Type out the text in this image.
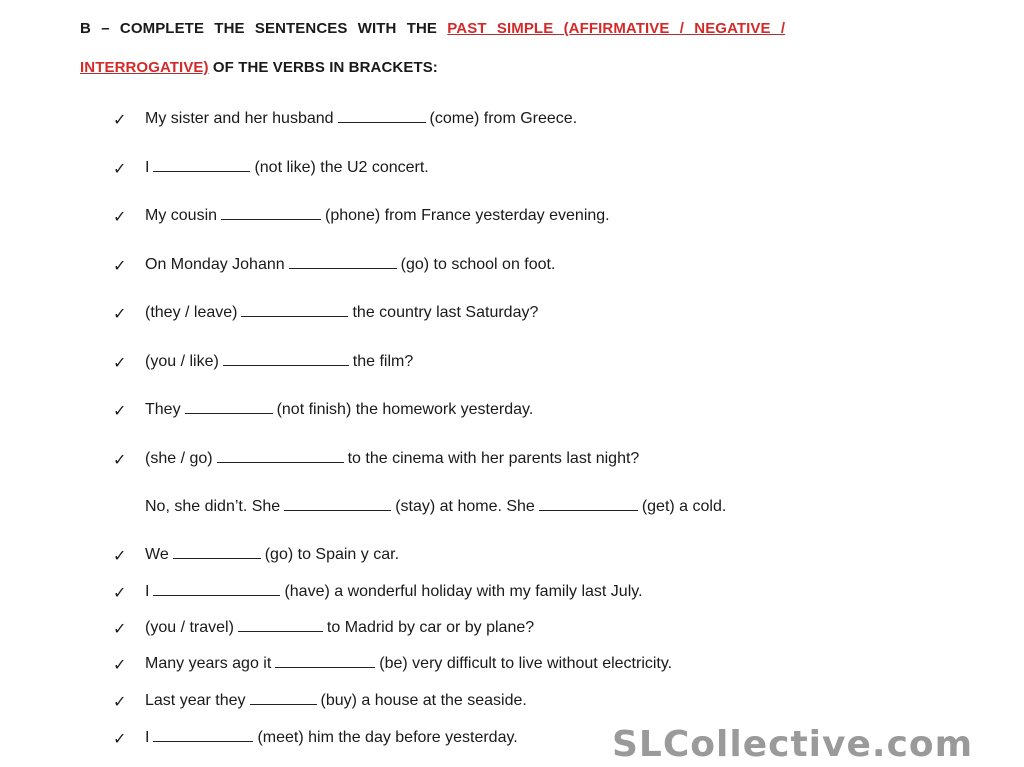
B – COMPLETE THE SENTENCES WITH THE PAST SIMPLE (AFFIRMATIVE / NEGATIVE /
INTERROGATIVE) OF THE VERBS IN BRACKETS:
✓ My sister and her husband	(come) from Greece.
✓ I	(not like) the U2 concert.
✓ My cousin	(phone) from France yesterday evening.
✓ On Monday Johann	(go) to school on foot.
✓ (they / leave)	the country last Saturday?
✓ (you / like)	the film?
✓ They	(not finish) the homework yesterday.
✓ (she / go)	to the cinema with her parents last night?
No, she didn’t. She	(stay) at home. She	(get) a cold.
✓ We	(go) to Spain y car.
✓ I	(have) a wonderful holiday with my family last July.
✓ (you / travel)	to Madrid by car or by plane?
✓ Many years ago it	(be) very difficult to live without electricity.
✓ Last year they	(buy) a house at the seaside.
✓ I	(meet) him the day before yesterday.	SLCollective.com
